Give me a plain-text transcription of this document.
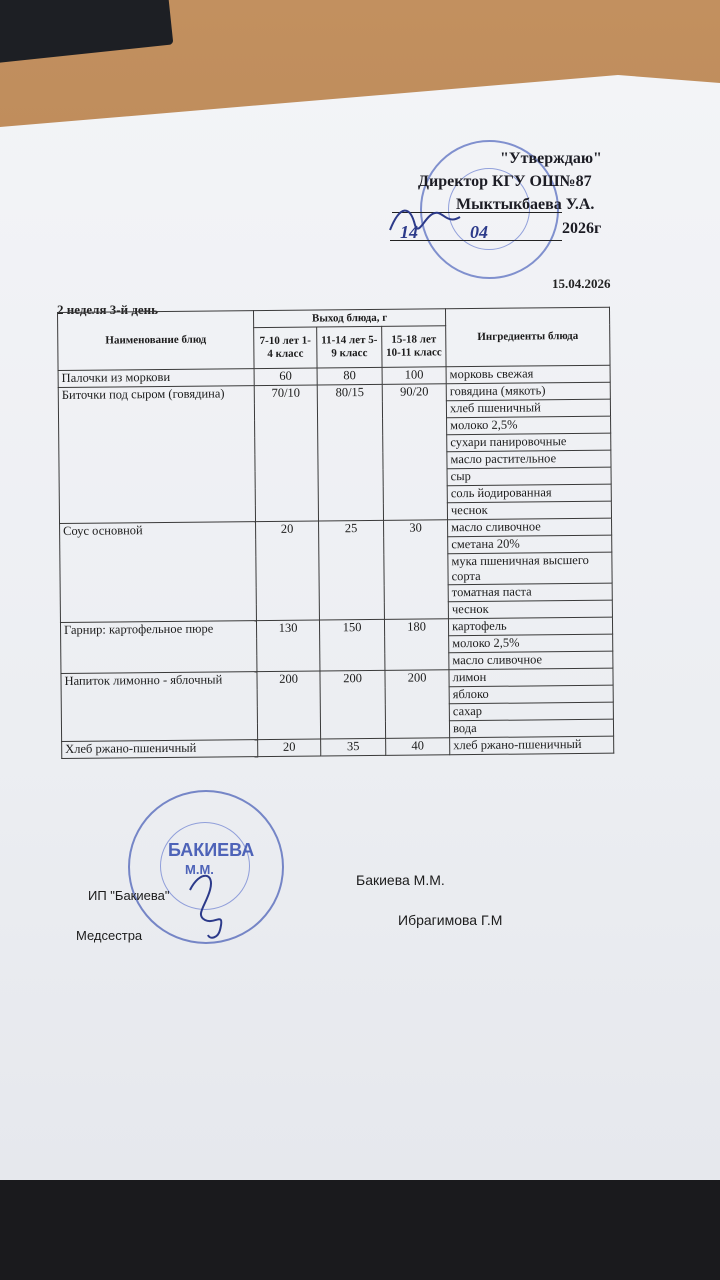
"Утверждаю"
Директор КГУ ОШ№87
Мыктыкбаева У.А.
14	04	2026г
15.04.2026
2 неделя 3-й день
Наименование блюд	Выход блюда, г			Ингредиенты блюда
	7-10 лет 1-4 класс	11-14 лет 5-9 класс	15-18 лет 10-11 класс	
Палочки из моркови	60	80	100	морковь свежая
Биточки под сыром (говядина)	70/10	80/15	90/20	говядина (мякоть)
				хлеб пшеничный
				молоко 2,5%
				сухари панировочные
				масло растительное
				сыр
				соль йодированная
				чеснок
Соус основной	20	25	30	масло сливочное
				сметана 20%
				мука пшеничная высшего сорта
				томатная паста
				чеснок
Гарнир: картофельное пюре	130	150	180	картофель
				молоко 2,5%
				масло сливочное
Напиток лимонно - яблочный	200	200	200	лимон
				яблоко
				сахар
				вода
Хлеб ржано-пшеничный	20	35	40	хлеб ржано-пшеничный
БАКИЕВА
М.М.
ИП "Бакиева"
Бакиева М.М.
Медсестра
Ибрагимова Г.М
